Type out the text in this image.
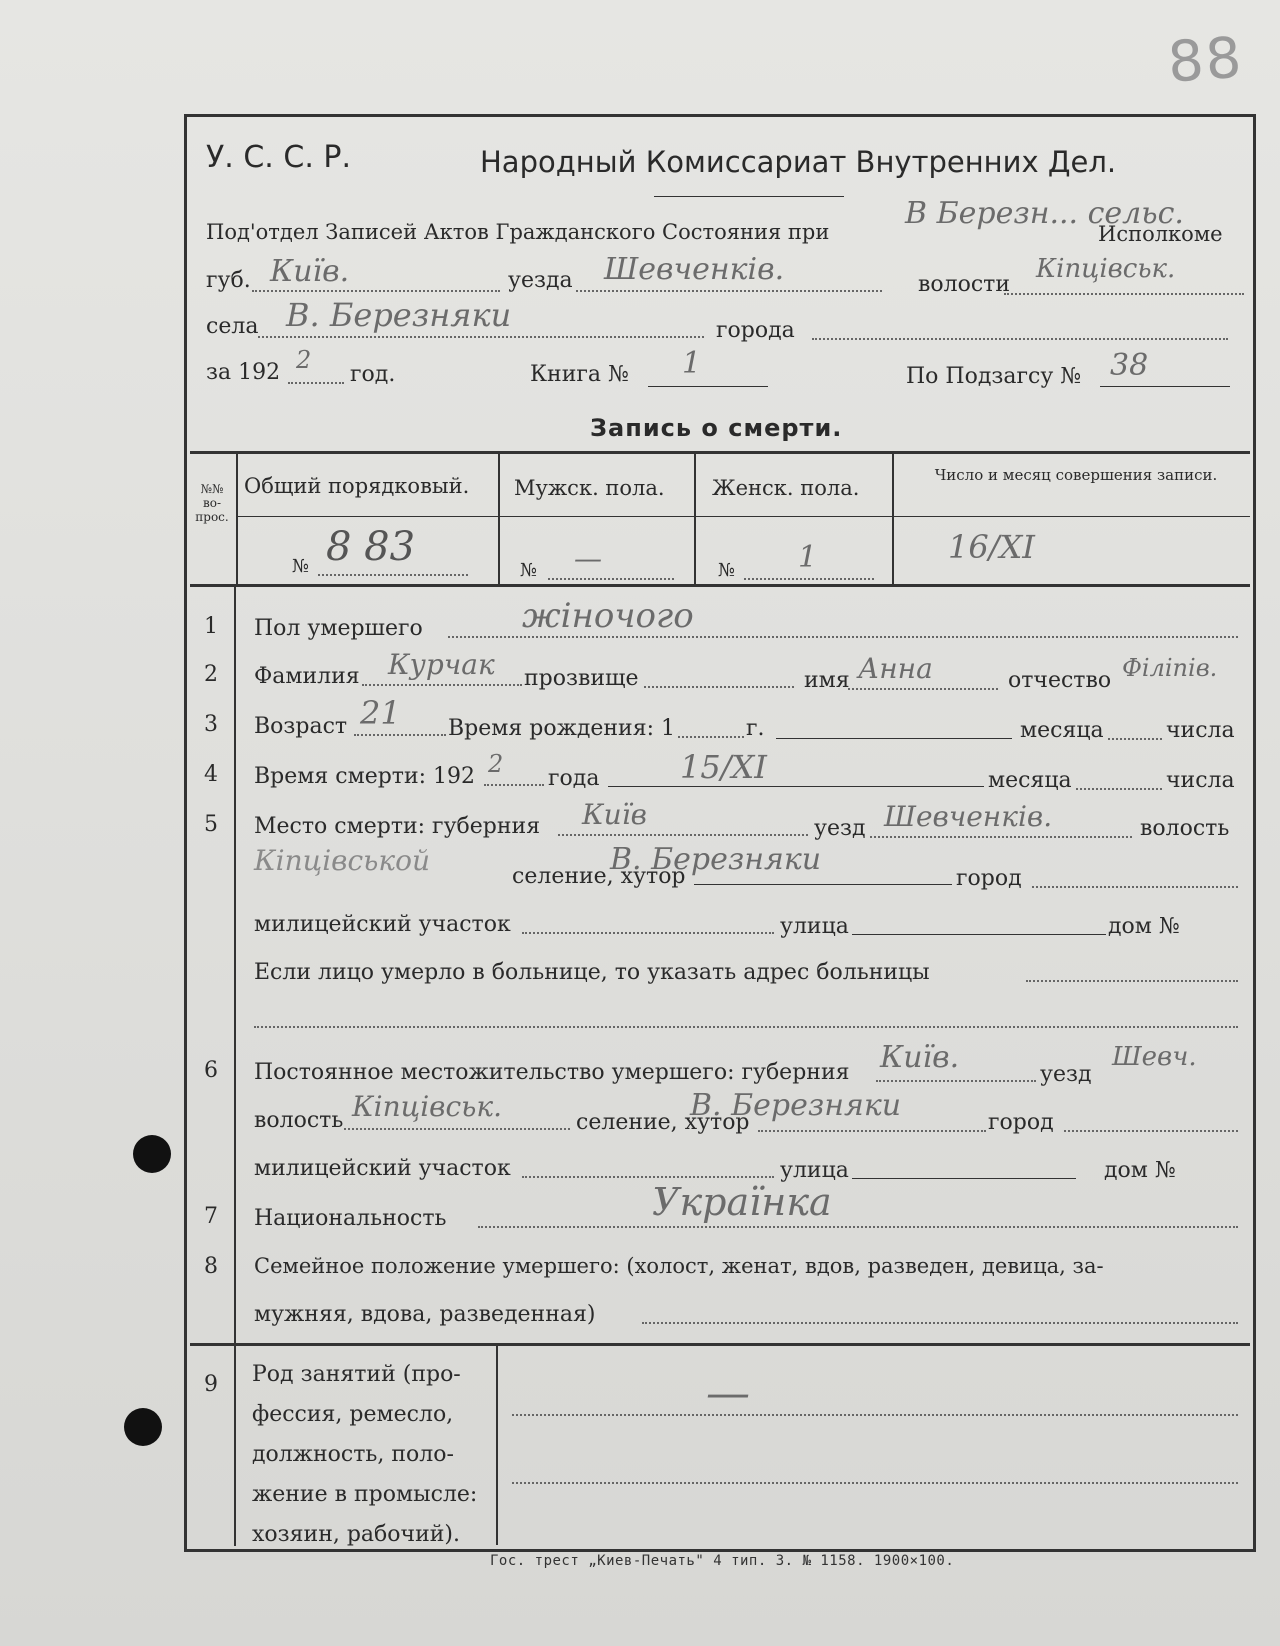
88
У. С. С. Р.	Народный Комиссариат Внутренних Дел.
Под'отдел Записей Актов Гражданского Состояния при
В Березн... сельс.
Исполкоме
губ. Київ.	уезда Шевченків.	волости
Кіпцівськ.
села В. Березняки	города
за 192 2
год.	Книга № 1	По Подзагсу № 38
Запись о смерти.
№№ во- прос.
Общий порядковый. Мужск. пола. Женск. пола.
Число и месяц совершения записи.
№ 8 83
№ —	№ 1	16/XI
1 Пол умершего	жіночого
2 Фамилия Курчак прозвище	имя Анна	отчество Філіпів.
3 Возраст 21 Время рождения: 1	г.	месяца	числа
4 Время смерти: 192 2
года	15/XI	месяца	числа
5 Место смерти: губерния Київ	уезд Шевченків.	волость
Кіпцівськой	селение, хутор
В. Березняки
город
милицейский участок	улица	дом №
Если лицо умерло в больнице, то указать адрес больницы
6 Постоянное местожительство умершего: губерния Київ.	уезд
Шевч.
волость Кіпцівськ.	селение, хутор
В. Березняки	город
милицейский участок	улица	дом №
7 Национальность	Українка
8 Семейное положение умершего: (холост, женат, вдов, разведен, девица, за-
мужняя, вдова, разведенная)
9 Род занятий (про-
фессия, ремесло,
должность, поло-
жение в промысле:
хозяин, рабочий).
—
Гос. трест „Киев-Печать" 4 тип. 3. № 1158. 1900×100.
